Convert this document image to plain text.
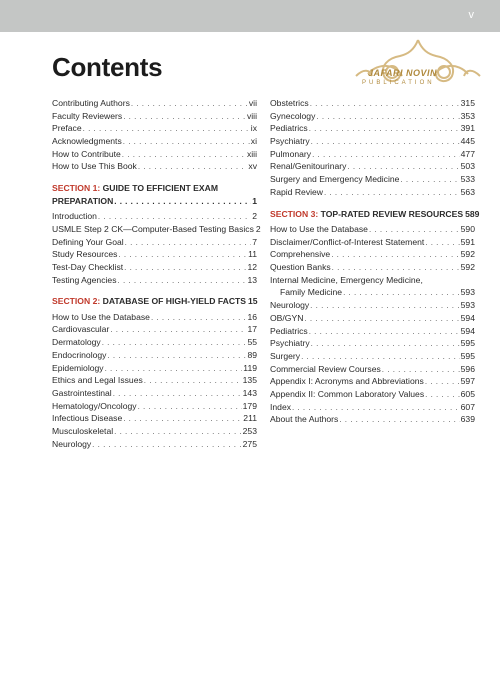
v
Contents	JAFARI NOVIN
PUBLICATION
Contributing Authors . . .	vii
Faculty Reviewers . . .	viii
Preface . . .	ix
Acknowledgments . . .	xi
How to Contribute . . .	xiii
How to Use This Book . . .	xv
SECTION 1: GUIDE TO EFFICIENT EXAM
PREPARATION . . .	1
Introduction . . .	2
USMLE Step 2 CK—Computer-Based Testing Basics 2
Defining Your Goal . . .	7
Study Resources . . .	11
Test-Day Checklist . . .	12
Testing Agencies . . .	13
SECTION 2: DATABASE OF HIGH-YIELD FACTS 15
How to Use the Database . . .	16
Cardiovascular . . .	17
Dermatology . . .	55
Endocrinology . . .	89
Epidemiology . . .	119
Ethics and Legal Issues . . .	135
Gastrointestinal . . .	143
Hematology/Oncology . . .	179
Infectious Disease . . .	211
Musculoskeletal . . .	253
Neurology . . .	275
Obstetrics . . .	315
Gynecology . . .	353
Pediatrics . . .	391
Psychiatry . . .	445
Pulmonary . . .	477
Renal/Genitourinary . . .	503
Surgery and Emergency Medicine . . .	533
Rapid Review . . .	563
SECTION 3: TOP-RATED REVIEW RESOURCES 589
How to Use the Database . . .	590
Disclaimer/Conflict-of-Interest Statement . . .	591
Comprehensive . . .	592
Question Banks . . .	592
Internal Medicine, Emergency Medicine,
Family Medicine . . .	593
Neurology . . .	593
OB/GYN . . .	594
Pediatrics . . .	594
Psychiatry . . .	595
Surgery . . .	595
Commercial Review Courses . . .	596
Appendix I: Acronyms and Abbreviations . . .	597
Appendix II: Common Laboratory Values . . .	605
Index . . .	607
About the Authors . . .	639
